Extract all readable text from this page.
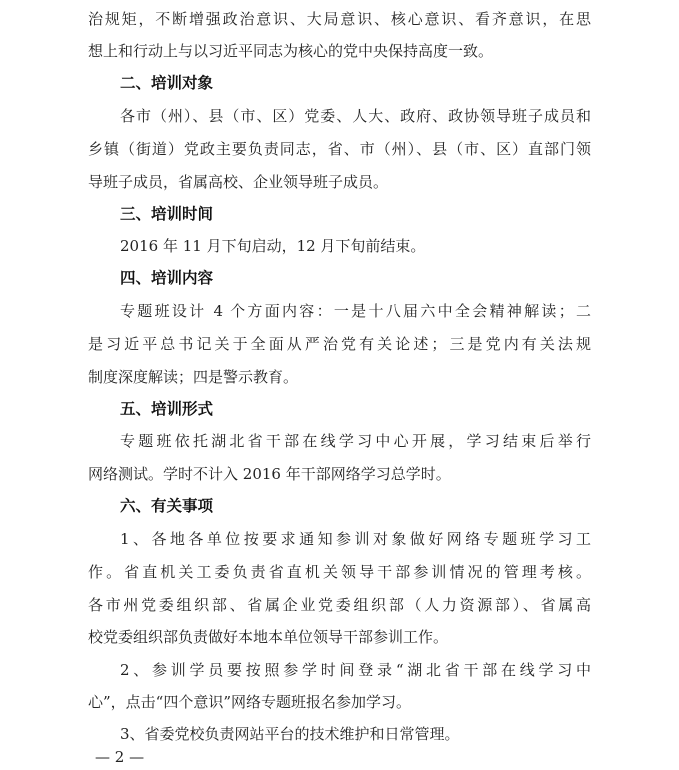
治规矩，不断增强政治意识、大局意识、核心意识、看齐意识，在思
想上和行动上与以习近平同志为核心的党中央保持高度一致。
二、培训对象
各市（州）、县（市、区）党委、人大、政府、政协领导班子成员和
乡镇（街道）党政主要负责同志，省、市（州）、县（市、区）直部门领
导班子成员，省属高校、企业领导班子成员。
三、培训时间
2016 年 11 月下旬启动，12 月下旬前结束。
四、培训内容
专题班设计 4 个方面内容：一是十八届六中全会精神解读；二
是习近平总书记关于全面从严治党有关论述；三是党内有关法规
制度深度解读；四是警示教育。
五、培训形式
专题班依托湖北省干部在线学习中心开展，学习结束后举行
网络测试。学时不计入 2016 年干部网络学习总学时。
六、有关事项
1、各地各单位按要求通知参训对象做好网络专题班学习工
作。省直机关工委负责省直机关领导干部参训情况的管理考核。
各市州党委组织部、省属企业党委组织部（人力资源部）、省属高
校党委组织部负责做好本地本单位领导干部参训工作。
2、参训学员要按照参学时间登录“湖北省干部在线学习中
心”，点击“四个意识”网络专题班报名参加学习。
3、省委党校负责网站平台的技术维护和日常管理。
— 2 —
